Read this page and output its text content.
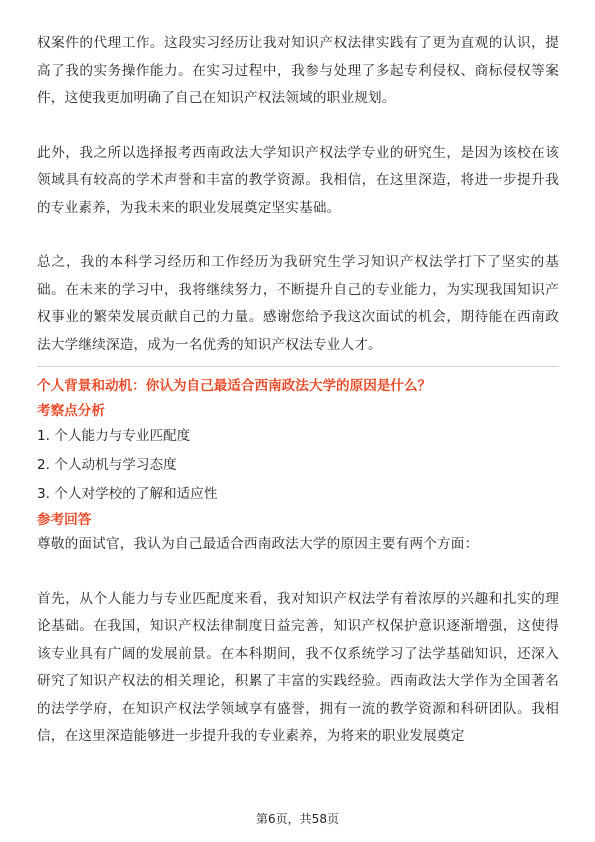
权案件的代理工作。这段实习经历让我对知识产权法律实践有了更为直观的认识，提高了我的实务操作能力。在实习过程中，我参与处理了多起专利侵权、商标侵权等案件，这使我更加明确了自己在知识产权法领域的职业规划。

此外，我之所以选择报考西南政法大学知识产权法学专业的研究生，是因为该校在该领域具有较高的学术声誉和丰富的教学资源。我相信，在这里深造，将进一步提升我的专业素养，为我未来的职业发展奠定坚实基础。

总之，我的本科学习经历和工作经历为我研究生学习知识产权法学打下了坚实的基础。在未来的学习中，我将继续努力，不断提升自己的专业能力，为实现我国知识产权事业的繁荣发展贡献自己的力量。感谢您给予我这次面试的机会，期待能在西南政法大学继续深造，成为一名优秀的知识产权法专业人才。

个人背景和动机：你认为自己最适合西南政法大学的原因是什么？

考察点分析

1. 个人能力与专业匹配度
2. 个人动机与学习态度
3. 个人对学校的了解和适应性

参考回答

尊敬的面试官，我认为自己最适合西南政法大学的原因主要有两个方面：

首先，从个人能力与专业匹配度来看，我对知识产权法学有着浓厚的兴趣和扎实的理论基础。在我国，知识产权法律制度日益完善，知识产权保护意识逐渐增强，这使得该专业具有广阔的发展前景。在本科期间，我不仅系统学习了法学基础知识，还深入研究了知识产权法的相关理论，积累了丰富的实践经验。西南政法大学作为全国著名的法学学府，在知识产权法学领域享有盛誉，拥有一流的教学资源和科研团队。我相信，在这里深造能够进一步提升我的专业素养，为将来的职业发展奠定

第6页，共58页
